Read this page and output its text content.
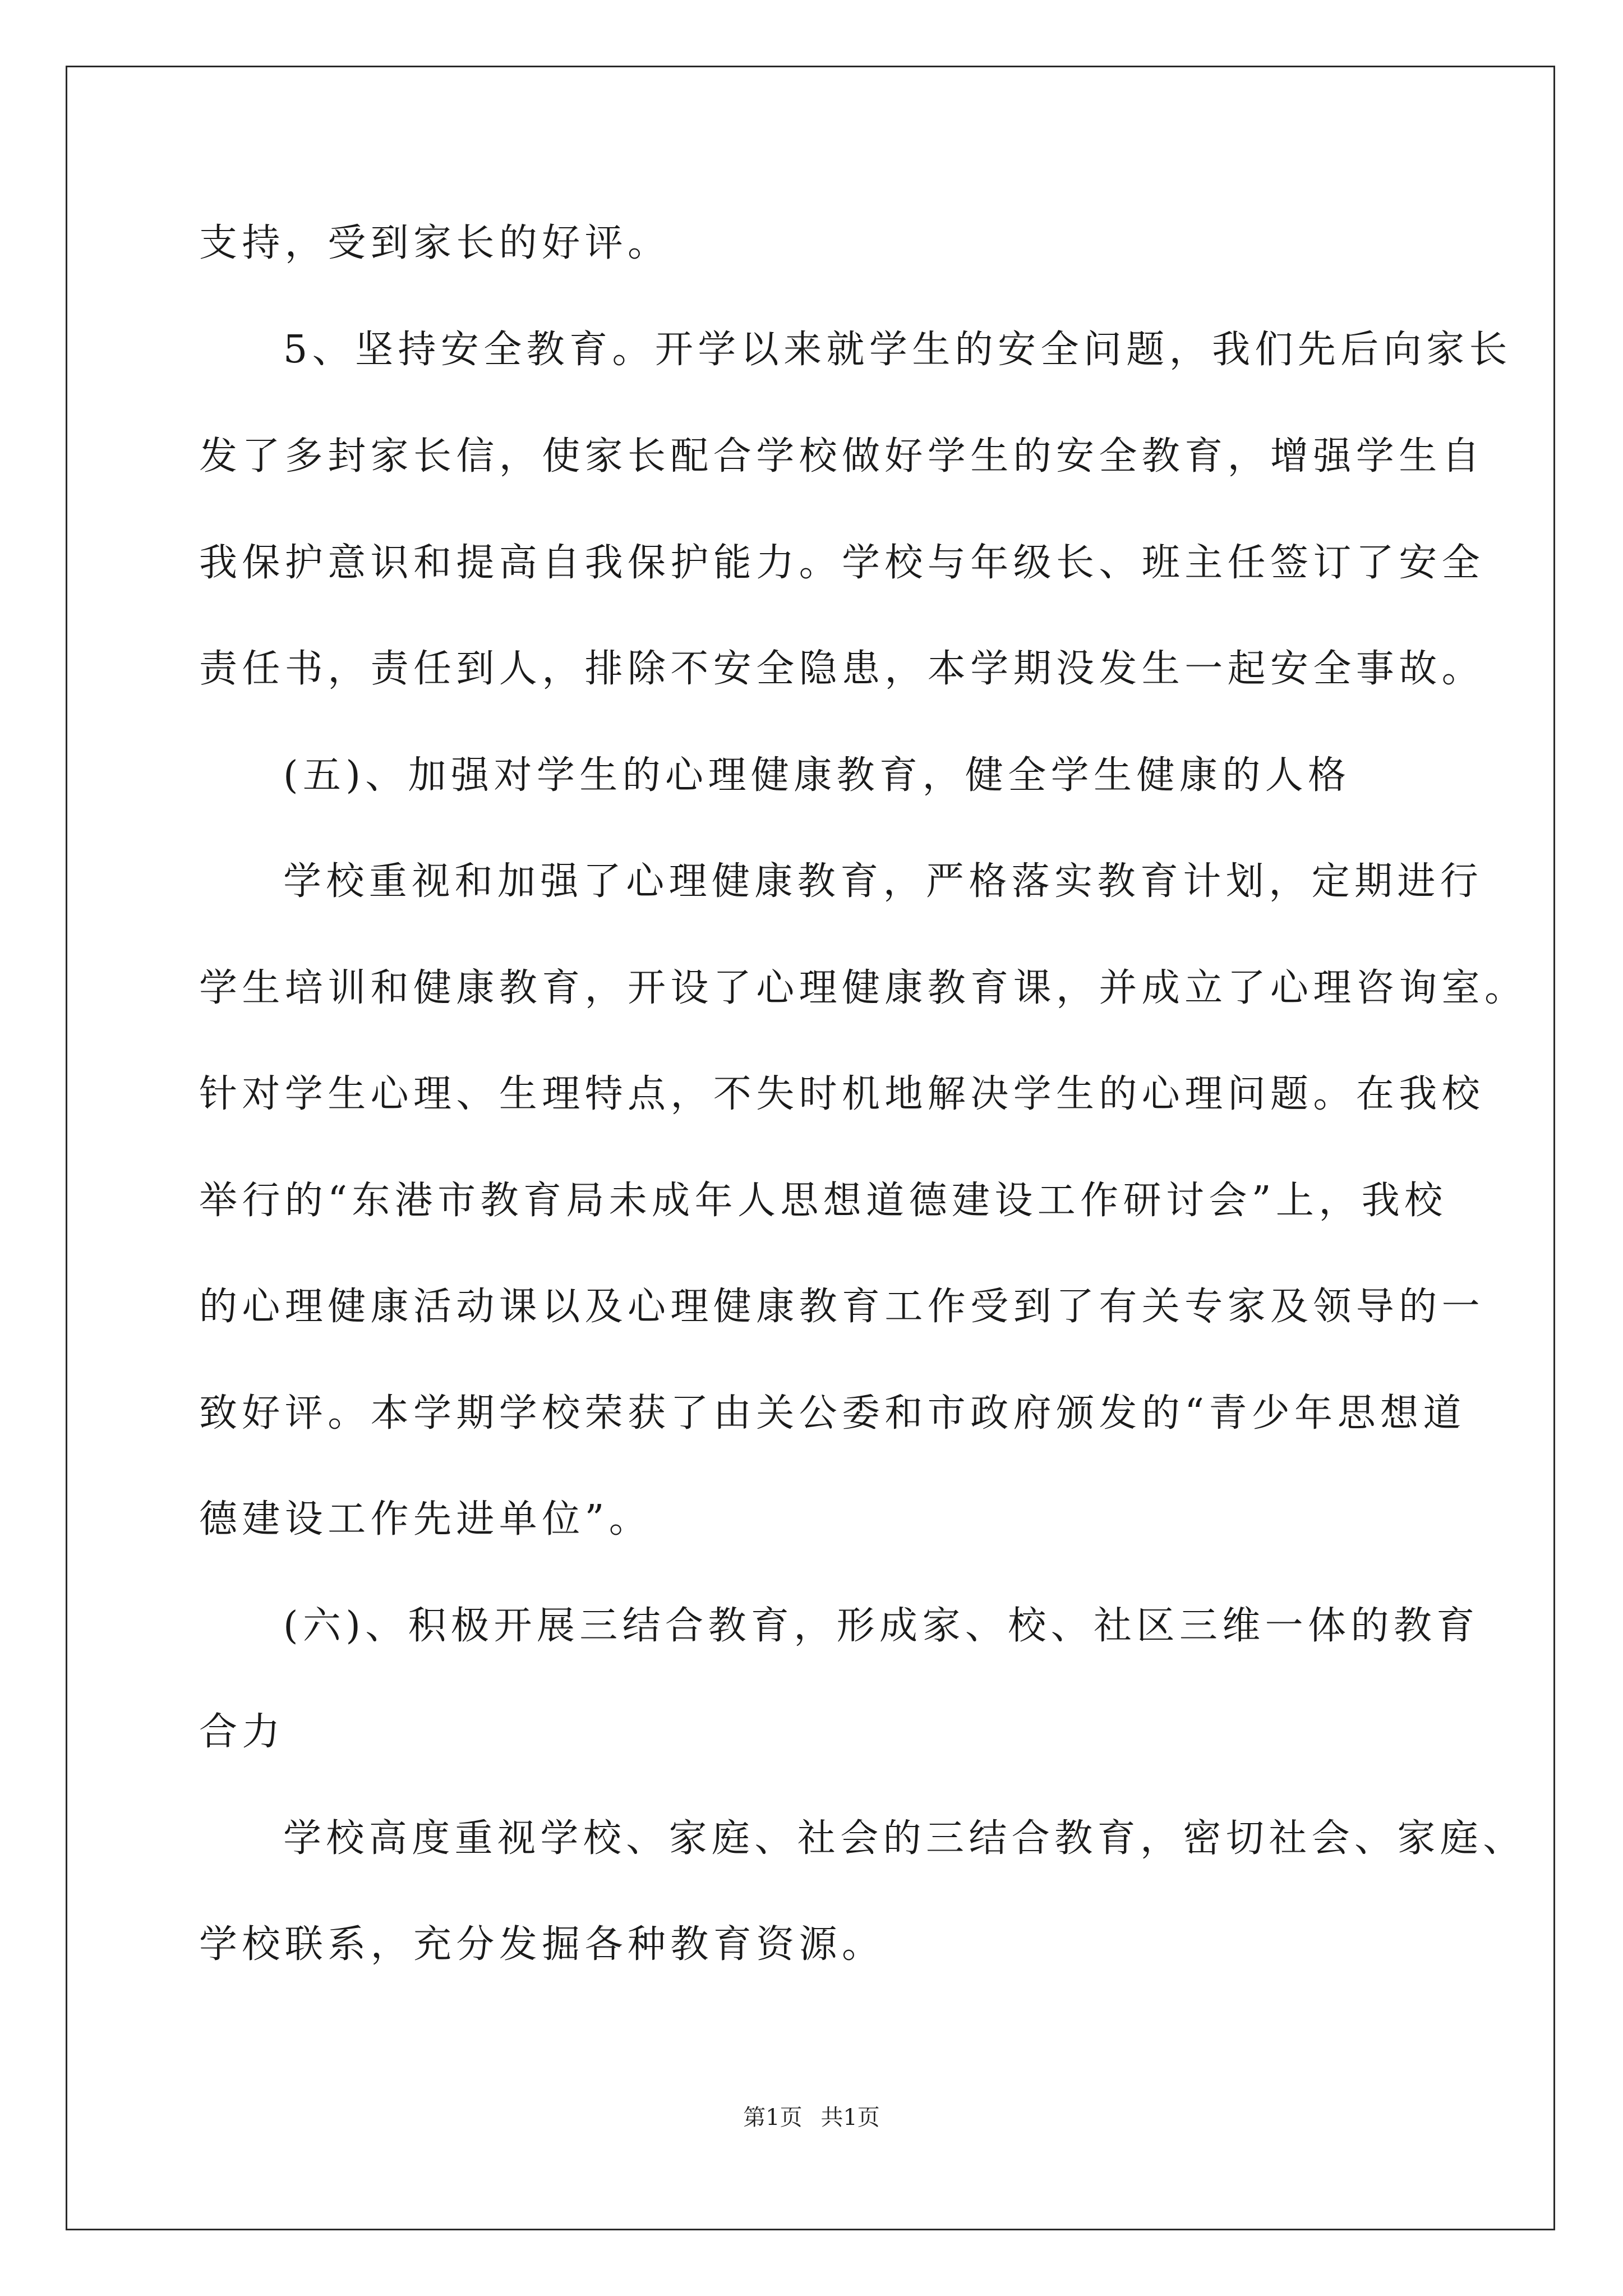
支持，受到家长的好评。
5、坚持安全教育。开学以来就学生的安全问题，我们先后向家长
发了多封家长信，使家长配合学校做好学生的安全教育，增强学生自
我保护意识和提高自我保护能力。学校与年级长、班主任签订了安全
责任书，责任到人，排除不安全隐患，本学期没发生一起安全事故。
(五)、加强对学生的心理健康教育，健全学生健康的人格
学校重视和加强了心理健康教育，严格落实教育计划，定期进行
学生培训和健康教育，开设了心理健康教育课，并成立了心理咨询室。
针对学生心理、生理特点，不失时机地解决学生的心理问题。在我校
举行的“东港市教育局未成年人思想道德建设工作研讨会”上，我校
的心理健康活动课以及心理健康教育工作受到了有关专家及领导的一
致好评。本学期学校荣获了由关公委和市政府颁发的“青少年思想道
德建设工作先进单位”。
(六)、积极开展三结合教育，形成家、校、社区三维一体的教育
合力
学校高度重视学校、家庭、社会的三结合教育，密切社会、家庭、
学校联系，充分发掘各种教育资源。
第1页 共1页
